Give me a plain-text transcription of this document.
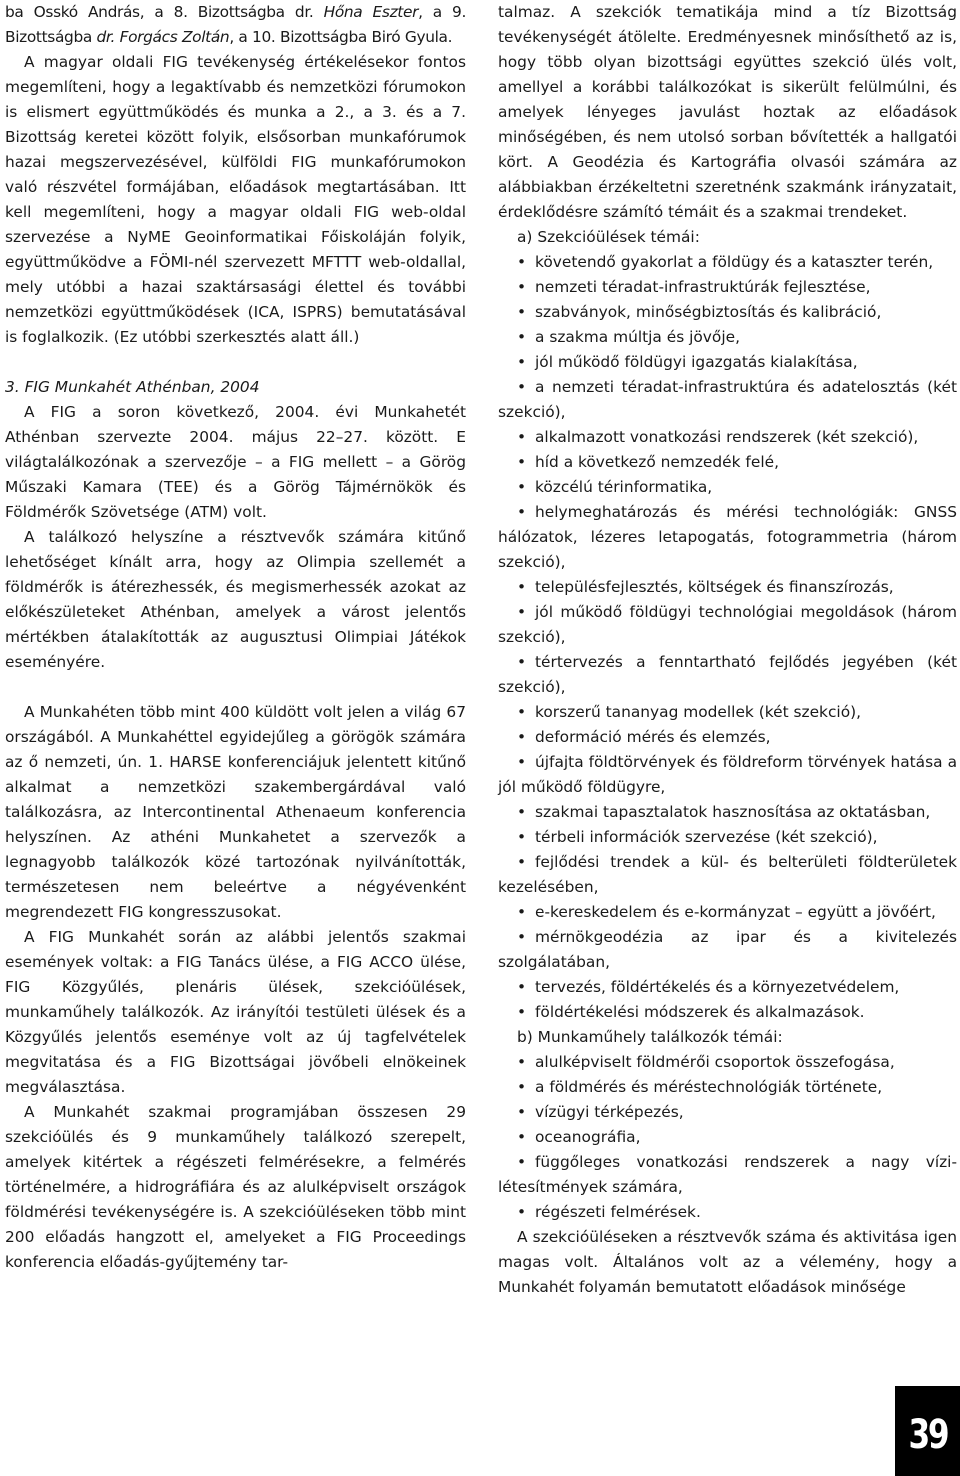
ba Osskó András, a 8. Bizottságba dr. Hőna Eszter, a 9. Bizottságba dr. Forgács Zoltán, a 10. Bizottságba Biró Gyula.

A magyar oldali FIG tevékenység értékelésekor fontos megemlíteni, hogy a legaktívabb és nemzetközi fórumokon is elismert együttműködés és munka a 2., a 3. és a 7. Bizottság keretei között folyik, elsősorban munkafórumok hazai megszervezésével, külföldi FIG munkafórumokon való részvétel formájában, előadások megtartásában. Itt kell megemlíteni, hogy a magyar oldali FIG web-oldal szervezése a NyME Geoinformatikai Főiskoláján folyik, együttműködve a FÖMI-nél szervezett MFTTT web-oldallal, mely utóbbi a hazai szaktársasági élettel és további nemzetközi együttműködések (ICA, ISPRS) bemutatásával is foglalkozik. (Ez utóbbi szerkesztés alatt áll.)

3. FIG Munkahét Athénban, 2004

A FIG a soron következő, 2004. évi Munkahetét Athénban szervezte 2004. május 22–27. között. E világtalálkozónak a szervezője – a FIG mellett – a Görög Műszaki Kamara (TEE) és a Görög Tájmérnökök és Földmérők Szövetsége (ATM) volt.

A találkozó helyszíne a résztvevők számára kitűnő lehetőséget kínált arra, hogy az Olimpia szellemét a földmérők is átérezhessék, és megismerhessék azokat az előkészületeket Athénban, amelyek a várost jelentős mértékben átalakították az augusztusi Olimpiai Játékok eseményére.

A Munkahéten több mint 400 küldött volt jelen a világ 67 országából. A Munkahéttel egyidejűleg a görögök számára az ő nemzeti, ún. 1. HARSE konferenciájuk jelentett kitűnő alkalmat a nemzetközi szakembergárdával való találkozásra, az Intercontinental Athenaeum konferencia helyszínen. Az athéni Munkahetet a szervezők a legnagyobb találkozók közé tartozónak nyilvánították, természetesen nem beleértve a négyévenként megrendezett FIG kongresszusokat.

A FIG Munkahét során az alábbi jelentős szakmai események voltak: a FIG Tanács ülése, a FIG ACCO ülése, FIG Közgyűlés, plenáris ülések, szekcióülések, munkaműhely találkozók. Az irányítói testületi ülések és a Közgyűlés jelentős eseménye volt az új tagfelvételek megvitatása és a FIG Bizottságai jövőbeli elnökeinek megválasztása.

A Munkahét szakmai programjában összesen 29 szekcióülés és 9 munkaműhely találkozó szerepelt, amelyek kitértek a régészeti felmérésekre, a felmérés történelmére, a hidrográfiára és az alulképviselt országok földmérési tevékenységére is. A szekcióüléseken több mint 200 előadás hangzott el, amelyeket a FIG Proceedings konferencia előadás-gyűjtemény tar-

talmaz. A szekciók tematikája mind a tíz Bizottság tevékenységét átölelte. Eredményesnek minősíthető az is, hogy több olyan bizottsági együttes szekció ülés volt, amellyel a korábbi találkozókat is sikerült felülmúlni, és amelyek lényeges javulást hoztak az előadások minőségében, és nem utolsó sorban bővítették a hallgatói kört. A Geodézia és Kartográfia olvasói számára az alábbiakban érzékeltetni szeretnénk szakmánk irányzatait, érdeklődésre számító témáit és a szakmai trendeket.

a) Szekcióülések témái:

• követendő gyakorlat a földügy és a kataszter terén,
• nemzeti téradat-infrastruktúrák fejlesztése,
• szabványok, minőségbiztosítás és kalibráció,
• a szakma múltja és jövője,
• jól működő földügyi igazgatás kialakítása,
• a nemzeti téradat-infrastruktúra és adatelosztás (két szekció),
• alkalmazott vonatkozási rendszerek (két szekció),
• híd a következő nemzedék felé,
• közcélú térinformatika,
• helymeghatározás és mérési technológiák: GNSS hálózatok, lézeres letapogatás, fotogrammetria (három szekció),
• településfejlesztés, költségek és finanszírozás,
• jól működő földügyi technológiai megoldások (három szekció),
• tértervezés a fenntartható fejlődés jegyében (két szekció),
• korszerű tananyag modellek (két szekció),
• deformáció mérés és elemzés,
• újfajta földtörvények és földreform törvények hatása a jól működő földügyre,
• szakmai tapasztalatok hasznosítása az oktatásban,
• térbeli információk szervezése (két szekció),
• fejlődési trendek a kül- és belterületi földterületek kezelésében,
• e-kereskedelem és e-kormányzat – együtt a jövőért,
• mérnökgeodézia az ipar és a kivitelezés szolgálatában,
• tervezés, földértékelés és a környezetvédelem,
• földértékelési módszerek és alkalmazások.

b) Munkaműhely találkozók témái:

• alulképviselt földmérői csoportok összefogása,
• a földmérés és méréstechnológiák története,
• vízügyi térképezés,
• oceanográfia,
• függőleges vonatkozási rendszerek a nagy vízi-létesítmények számára,
• régészeti felmérések.

A szekcióüléseken a résztvevők száma és aktivitása igen magas volt. Általános volt az a vélemény, hogy a Munkahét folyamán bemutatott előadások minősége

39
